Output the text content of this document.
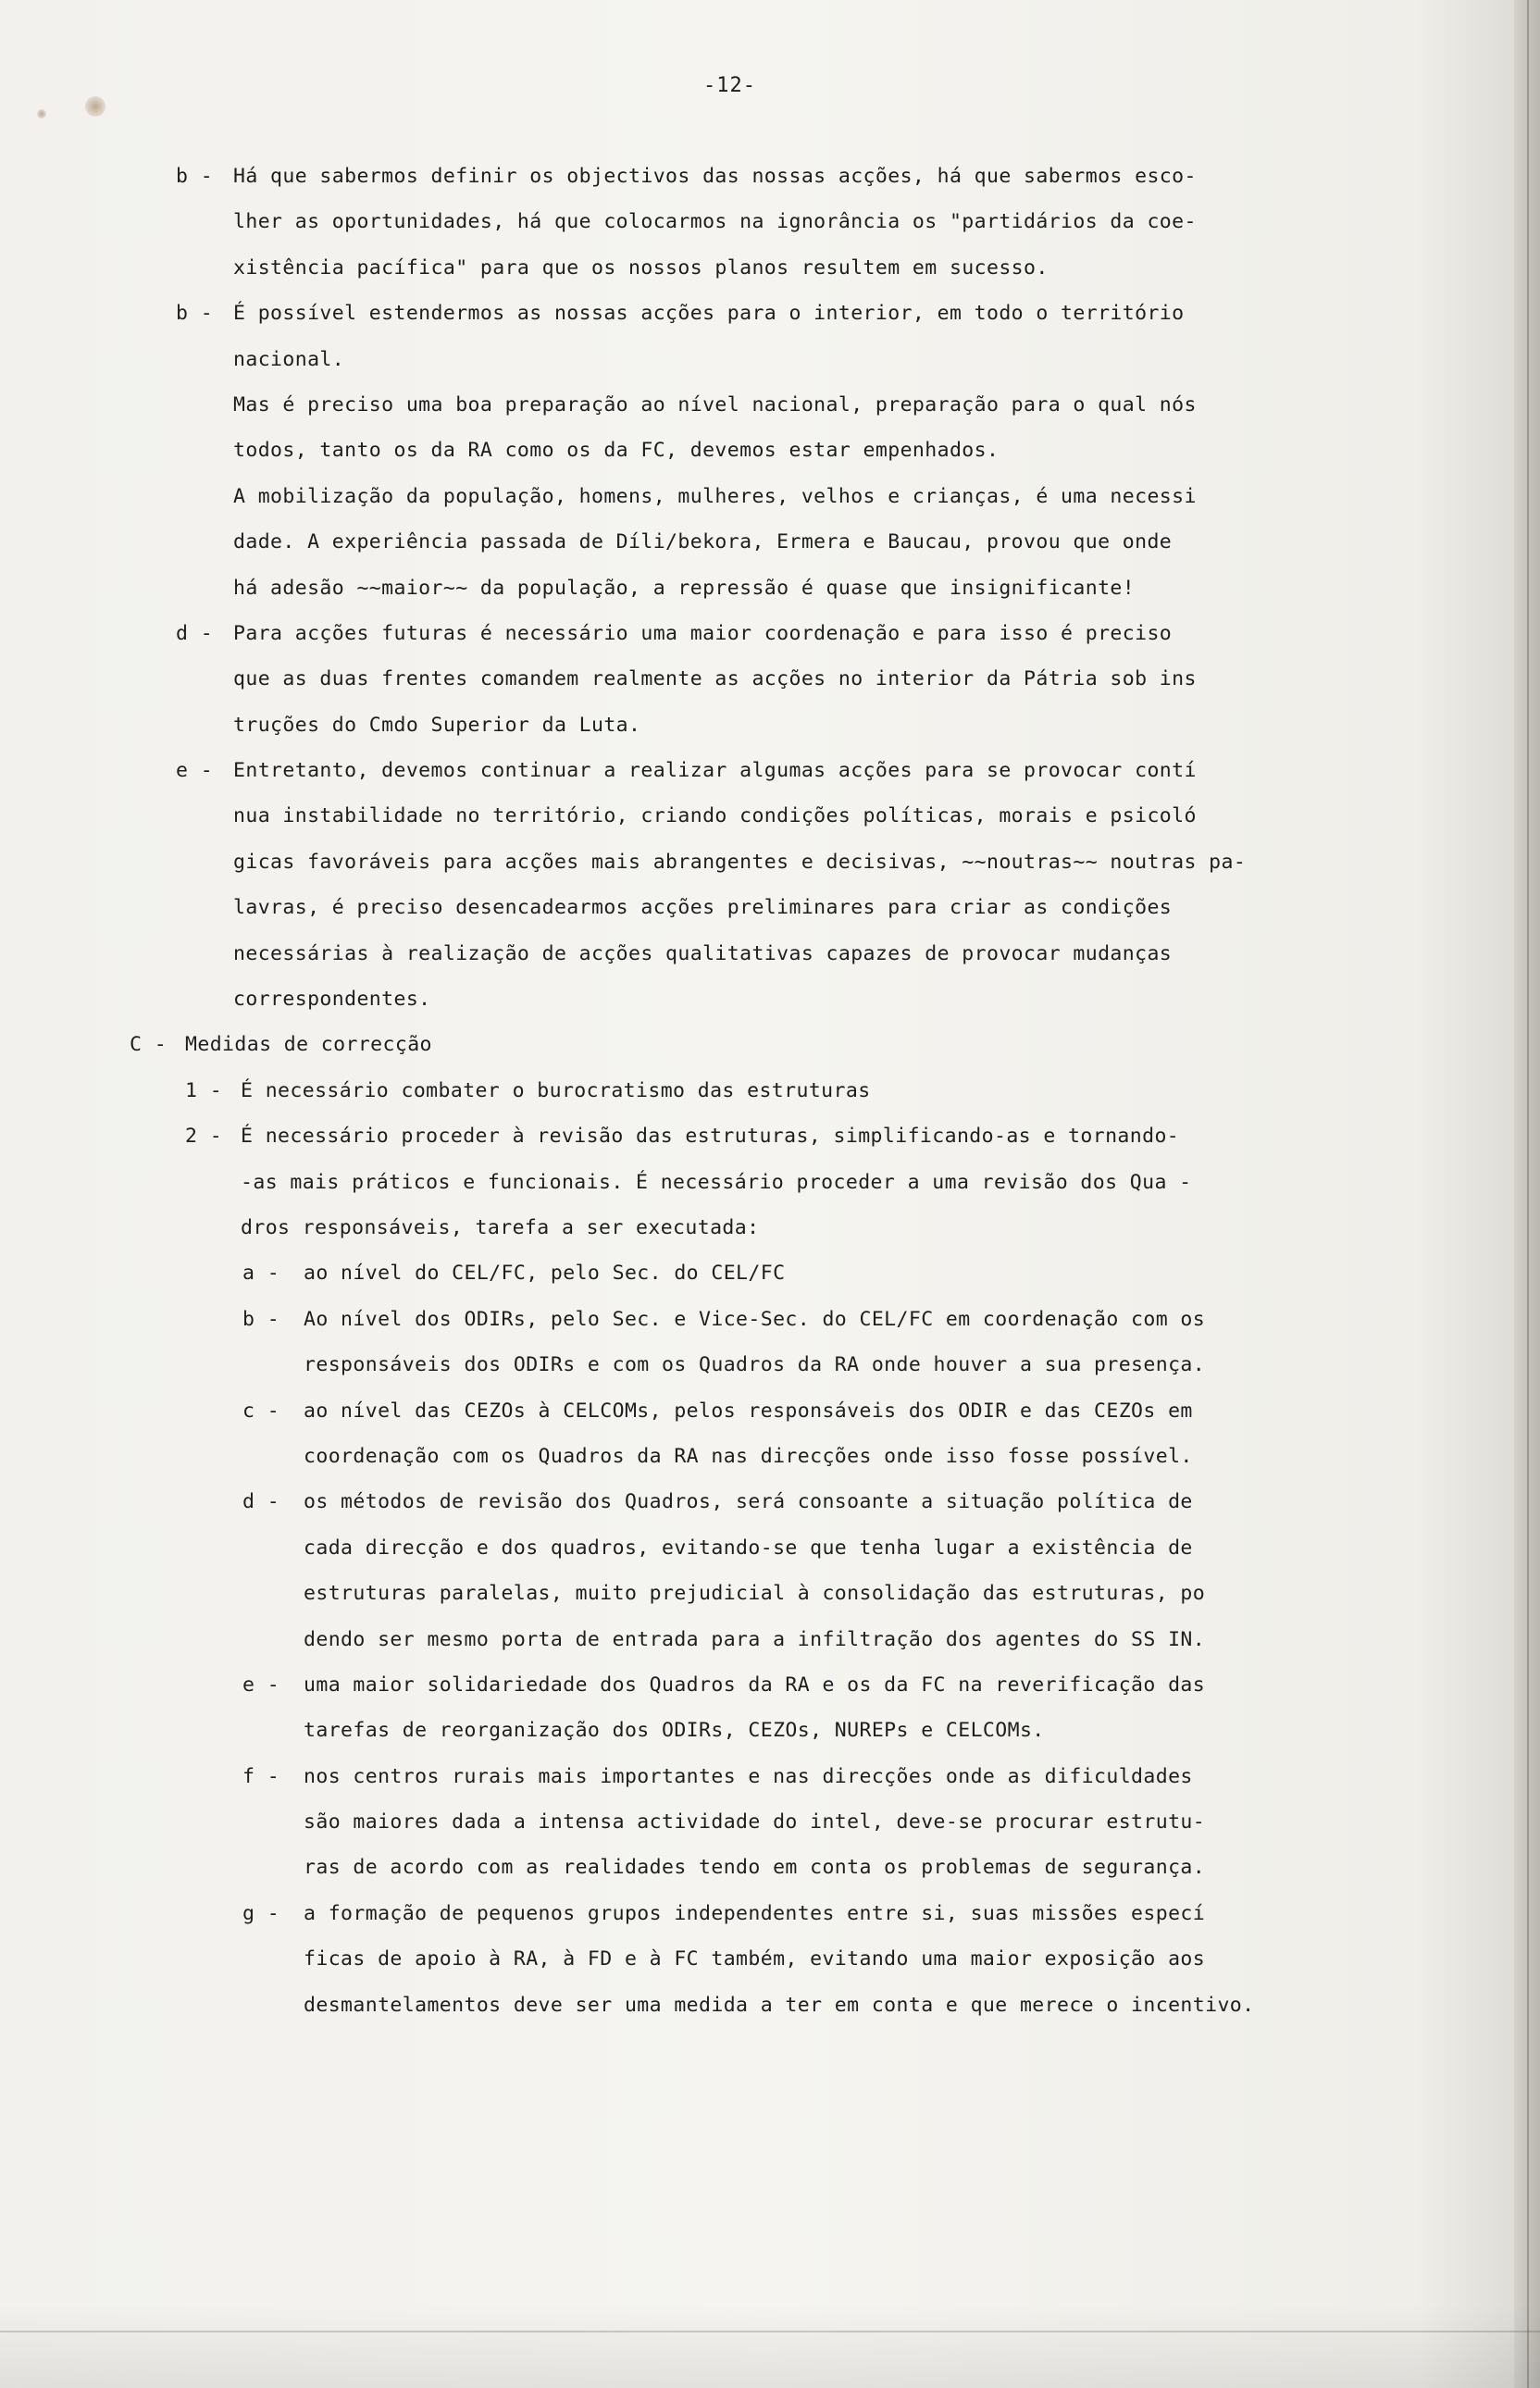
-12-
b - Há que sabermos definir os objectivos das nossas acções, há que sabermos esco-
lher as oportunidades, há que colocarmos na ignorância os "partidários da coe-
xistência pacífica" para que os nossos planos resultem em sucesso.
b - É possível estendermos as nossas acções para o interior, em todo o território
nacional.
Mas é preciso uma boa preparação ao nível nacional, preparação para o qual nós
todos, tanto os da RA como os da FC, devemos estar empenhados.
A mobilização da população, homens, mulheres, velhos e crianças, é uma necessi
dade. A experiência passada de Díli/bekora, Ermera e Baucau, provou que onde
há adesão ~~maior~~ da população, a repressão é quase que insignificante!
d - Para acções futuras é necessário uma maior coordenação e para isso é preciso
que as duas frentes comandem realmente as acções no interior da Pátria sob ins
truções do Cmdo Superior da Luta.
e - Entretanto, devemos continuar a realizar algumas acções para se provocar contí
nua instabilidade no território, criando condições políticas, morais e psicoló
gicas favoráveis para acções mais abrangentes e decisivas, ~~noutras~~ noutras pa-
lavras, é preciso desencadearmos acções preliminares para criar as condições
necessárias à realização de acções qualitativas capazes de provocar mudanças
correspondentes.
C - Medidas de correcção
1 - É necessário combater o burocratismo das estruturas
2 - É necessário proceder à revisão das estruturas, simplificando-as e tornando-
-as mais práticos e funcionais. É necessário proceder a uma revisão dos Qua -
dros responsáveis, tarefa a ser executada:
a - ao nível do CEL/FC, pelo Sec. do CEL/FC
b - Ao nível dos ODIRs, pelo Sec. e Vice-Sec. do CEL/FC em coordenação com os
responsáveis dos ODIRs e com os Quadros da RA onde houver a sua presença.
c - ao nível das CEZOs à CELCOMs, pelos responsáveis dos ODIR e das CEZOs em
coordenação com os Quadros da RA nas direcções onde isso fosse possível.
d - os métodos de revisão dos Quadros, será consoante a situação política de
cada direcção e dos quadros, evitando-se que tenha lugar a existência de
estruturas paralelas, muito prejudicial à consolidação das estruturas, po
dendo ser mesmo porta de entrada para a infiltração dos agentes do SS IN.
e - uma maior solidariedade dos Quadros da RA e os da FC na reverificação das
tarefas de reorganização dos ODIRs, CEZOs, NUREPs e CELCOMs.
f - nos centros rurais mais importantes e nas direcções onde as dificuldades
são maiores dada a intensa actividade do intel, deve-se procurar estrutu-
ras de acordo com as realidades tendo em conta os problemas de segurança.
g - a formação de pequenos grupos independentes entre si, suas missões especí
ficas de apoio à RA, à FD e à FC também, evitando uma maior exposição aos
desmantelamentos deve ser uma medida a ter em conta e que merece o incentivo.
